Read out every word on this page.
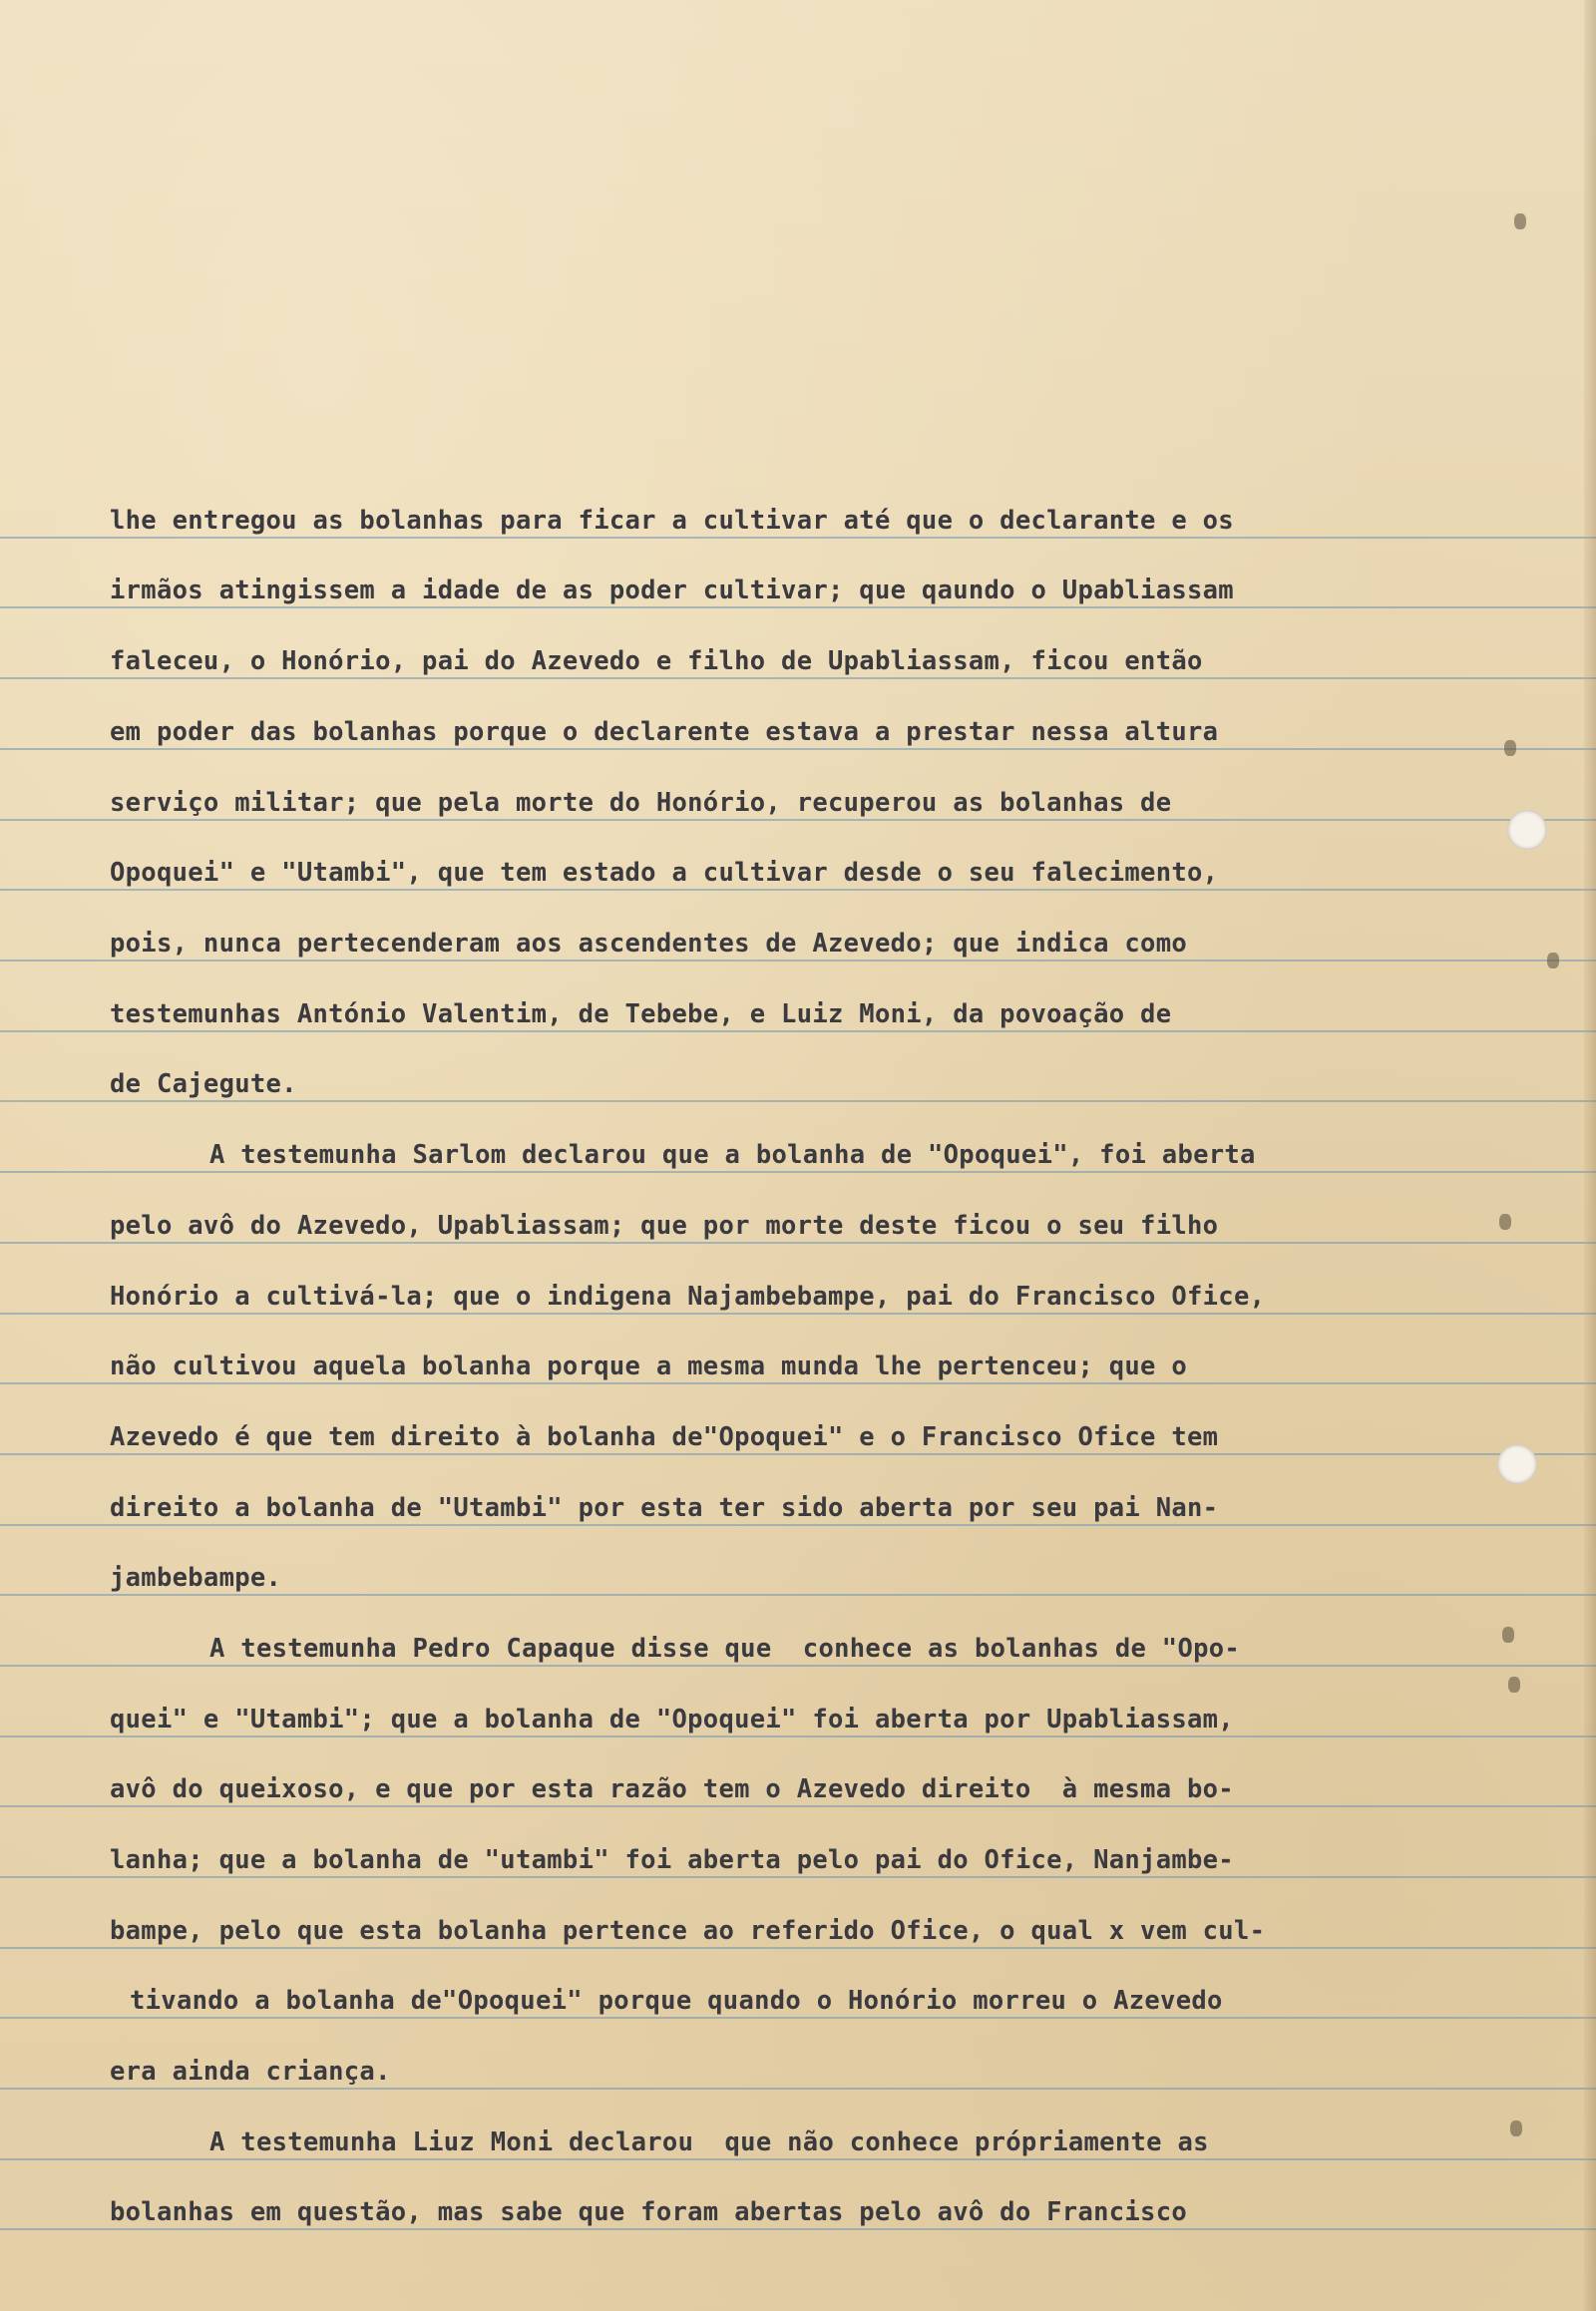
lhe entregou as bolanhas para ficar a cultivar até que o declarante e os
irmãos atingissem a idade de as poder cultivar; que qaundo o Upabliassam
faleceu, o Honório, pai do Azevedo e filho de Upabliassam, ficou então
em poder das bolanhas porque o declarente estava a prestar nessa altura
serviço militar; que pela morte do Honório, recuperou as bolanhas de
Opoquei" e "Utambi", que tem estado a cultivar desde o seu falecimento,
pois, nunca pertecenderam aos ascendentes de Azevedo; que indica como
testemunhas António Valentim, de Tebebe, e Luiz Moni, da povoação de
de Cajegute.
A testemunha Sarlom declarou que a bolanha de "Opoquei", foi aberta
pelo avô do Azevedo, Upabliassam; que por morte deste ficou o seu filho
Honório a cultivá-la; que o indigena Najambebampe, pai do Francisco Ofice,
não cultivou aquela bolanha porque a mesma munda lhe pertenceu; que o
Azevedo é que tem direito à bolanha de"Opoquei" e o Francisco Ofice tem
direito a bolanha de "Utambi" por esta ter sido aberta por seu pai Nan-
jambebampe.
A testemunha Pedro Capaque disse que  conhece as bolanhas de "Opo-
quei" e "Utambi"; que a bolanha de "Opoquei" foi aberta por Upabliassam,
avô do queixoso, e que por esta razão tem o Azevedo direito  à mesma bo-
lanha; que a bolanha de "utambi" foi aberta pelo pai do Ofice, Nanjambe-
bampe, pelo que esta bolanha pertence ao referido Ofice, o qual x vem cul-
tivando a bolanha de"Opoquei" porque quando o Honório morreu o Azevedo
era ainda criança.
A testemunha Liuz Moni declarou  que não conhece própriamente as
bolanhas em questão, mas sabe que foram abertas pelo avô do Francisco
